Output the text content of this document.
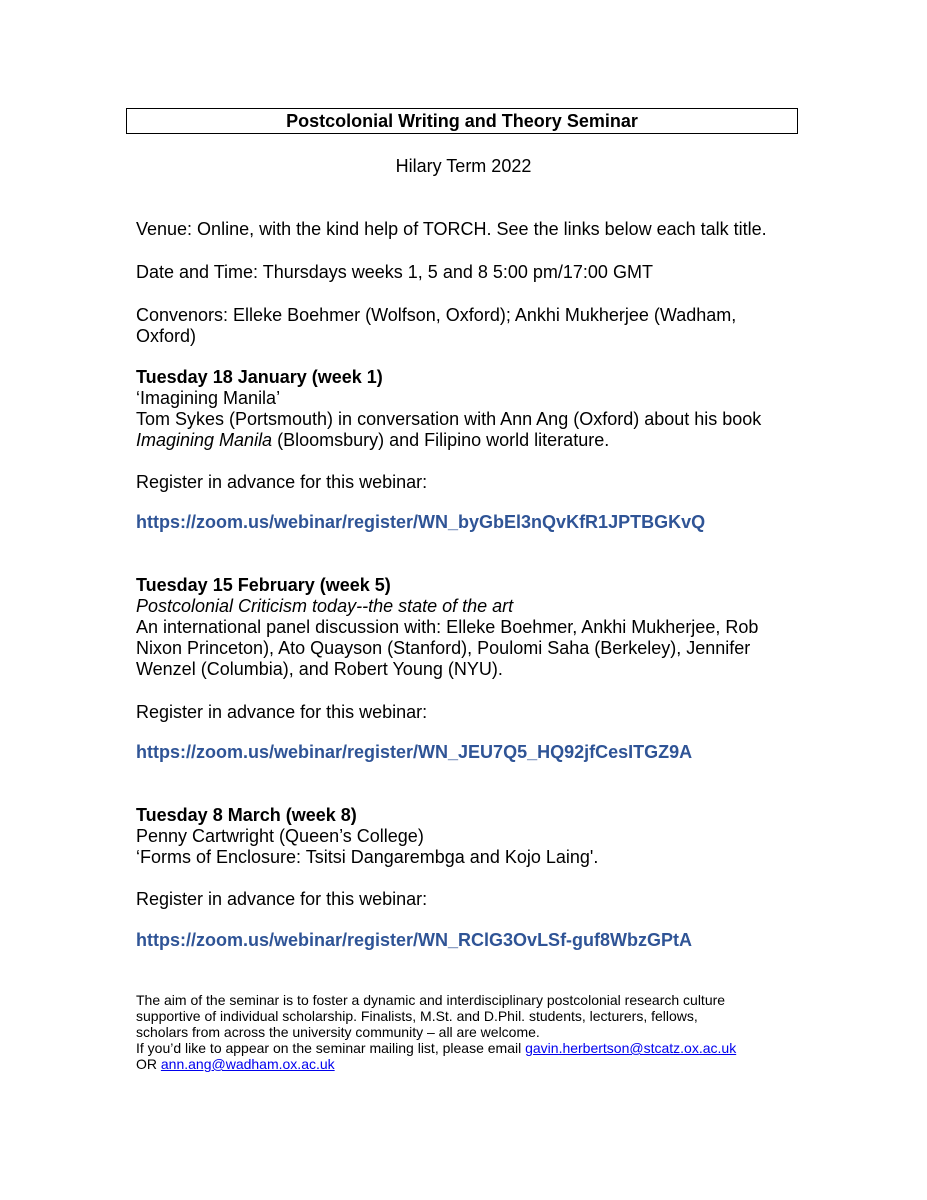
Postcolonial Writing and Theory Seminar
Hilary Term 2022
Venue: Online, with the kind help of TORCH. See the links below each talk title.
Date and Time: Thursdays weeks 1, 5 and 8 5:00 pm/17:00 GMT
Convenors: Elleke Boehmer (Wolfson, Oxford); Ankhi Mukherjee (Wadham,
Oxford)
Tuesday 18 January (week 1)
‘Imagining Manila’
Tom Sykes (Portsmouth) in conversation with Ann Ang (Oxford) about his book
Imagining Manila (Bloomsbury) and Filipino world literature.
Register in advance for this webinar:
https://zoom.us/webinar/register/WN_byGbEl3nQvKfR1JPTBGKvQ
Tuesday 15 February (week 5)
Postcolonial Criticism today--the state of the art
An international panel discussion with: Elleke Boehmer, Ankhi Mukherjee, Rob
Nixon Princeton), Ato Quayson (Stanford), Poulomi Saha (Berkeley), Jennifer
Wenzel (Columbia), and Robert Young (NYU).
Register in advance for this webinar:
https://zoom.us/webinar/register/WN_JEU7Q5_HQ92jfCesITGZ9A
Tuesday 8 March (week 8)
Penny Cartwright (Queen’s College)
‘Forms of Enclosure: Tsitsi Dangarembga and Kojo Laing'.
Register in advance for this webinar:
https://zoom.us/webinar/register/WN_RClG3OvLSf-guf8WbzGPtA
The aim of the seminar is to foster a dynamic and interdisciplinary postcolonial research culture
supportive of individual scholarship. Finalists, M.St. and D.Phil. students, lecturers, fellows,
scholars from across the university community – all are welcome.
If you’d like to appear on the seminar mailing list, please email gavin.herbertson@stcatz.ox.ac.uk
OR ann.ang@wadham.ox.ac.uk
